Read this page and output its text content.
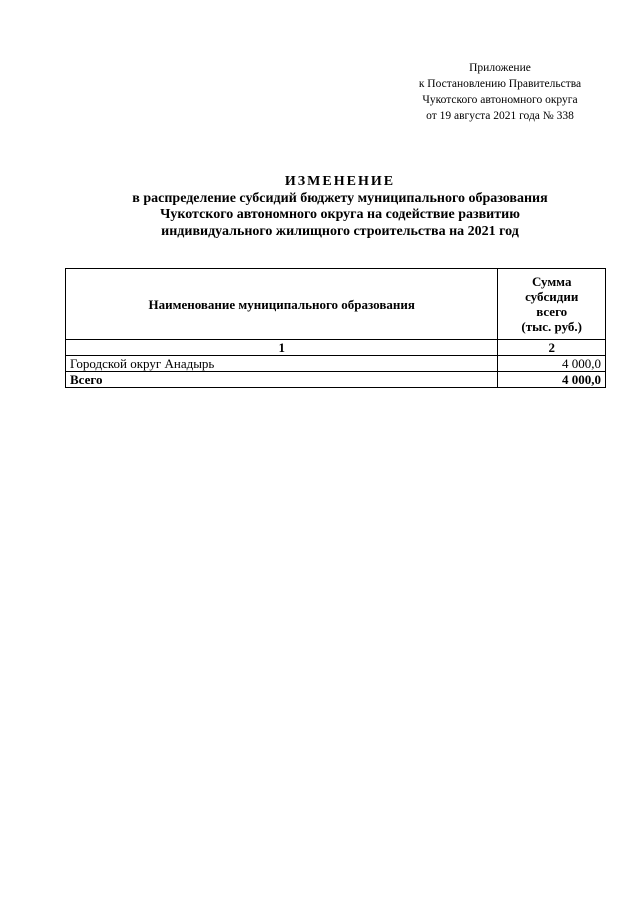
Приложение
к Постановлению Правительства
Чукотского автономного округа
от 19 августа 2021 года № 338
ИЗМЕНЕНИЕ
в распределение субсидий бюджету муниципального образования
Чукотского автономного округа на содействие развитию
индивидуального жилищного строительства на 2021 год
Наименование муниципального образования	Сумма
субсидии
всего
(тыс. руб.)

1	2
Городской округ Анадырь	4 000,0
Всего	4 000,0
